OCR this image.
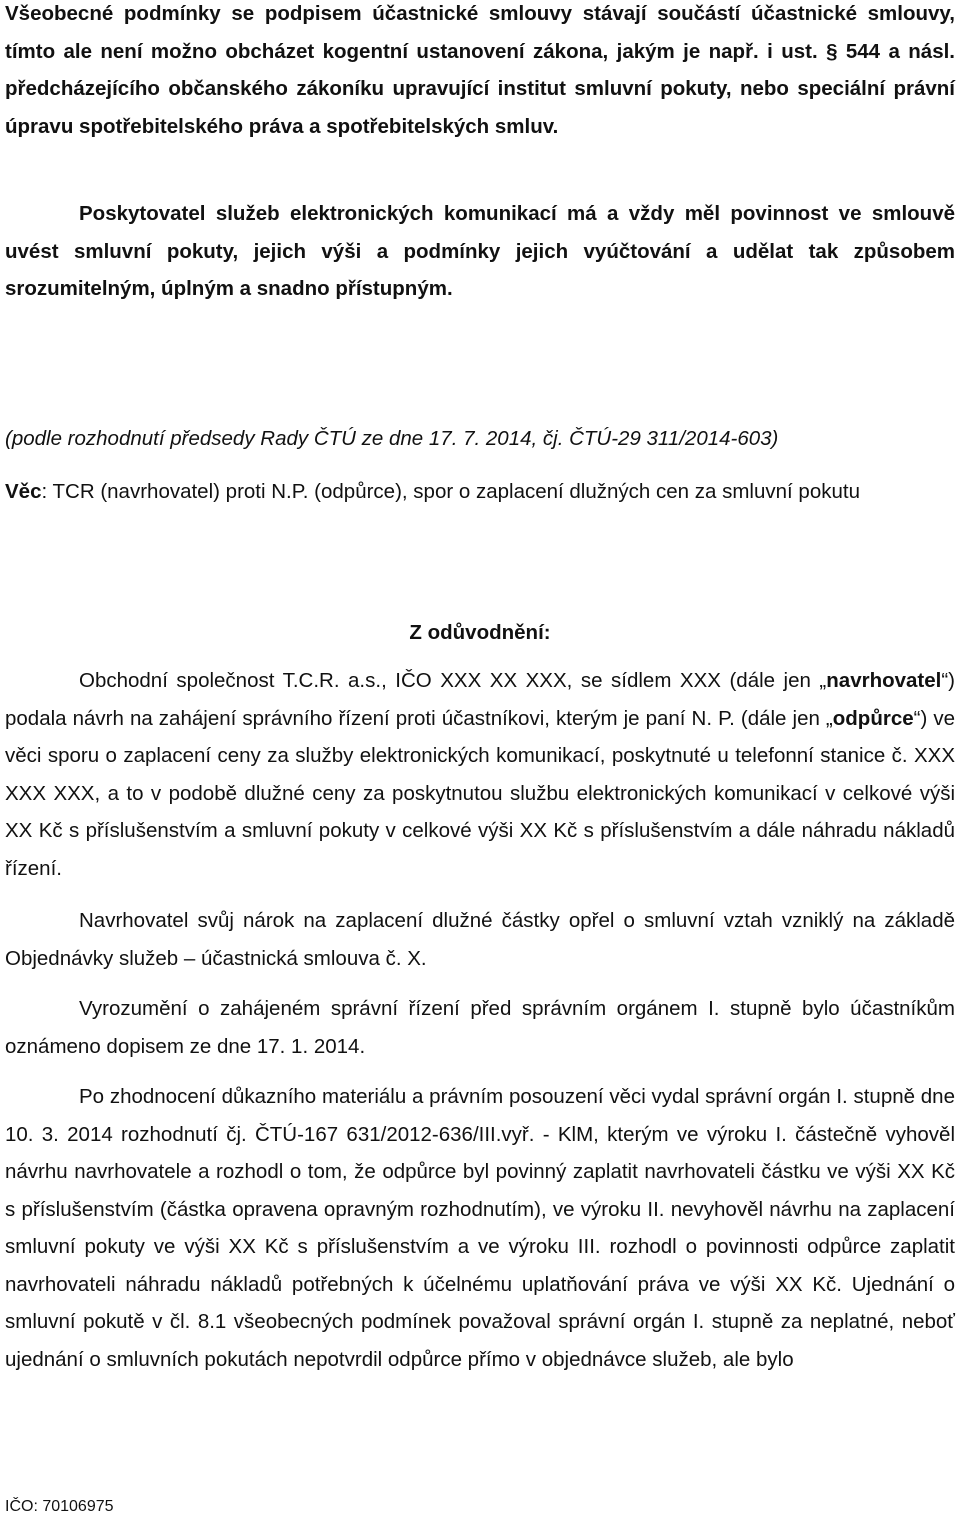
Všeobecné podmínky se podpisem účastnické smlouvy stávají součástí účastnické smlouvy, tímto ale není možno obcházet kogentní ustanovení zákona, jakým je např. i ust. § 544 a násl. předcházejícího občanského zákoníku upravující institut smluvní pokuty, nebo speciální právní úpravu spotřebitelského práva a spotřebitelských smluv.

Poskytovatel služeb elektronických komunikací má a vždy měl povinnost ve smlouvě uvést smluvní pokuty, jejich výši a podmínky jejich vyúčtování a udělat tak způsobem srozumitelným, úplným a snadno přístupným.

(podle rozhodnutí předsedy Rady ČTÚ ze dne 17. 7. 2014, čj. ČTÚ-29 311/2014-603)

Věc: TCR (navrhovatel) proti N.P. (odpůrce), spor o zaplacení dlužných cen za smluvní pokutu

Z odůvodnění:

Obchodní společnost T.C.R. a.s., IČO XXX XX XXX, se sídlem XXX (dále jen „navrhovatel“) podala návrh na zahájení správního řízení proti účastníkovi, kterým je paní N. P. (dále jen „odpůrce“) ve věci sporu o zaplacení ceny za služby elektronických komunikací, poskytnuté u telefonní stanice č. XXX XXX XXX, a to v podobě dlužné ceny za poskytnutou službu elektronických komunikací v celkové výši XX Kč s příslušenstvím a smluvní pokuty v celkové výši XX Kč s příslušenstvím a dále náhradu nákladů řízení.

Navrhovatel svůj nárok na zaplacení dlužné částky opřel o smluvní vztah vzniklý na základě Objednávky služeb – účastnická smlouva č. X.

Vyrozumění o zahájeném správní řízení před správním orgánem I. stupně bylo účastníkům oznámeno dopisem ze dne 17. 1. 2014.

Po zhodnocení důkazního materiálu a právním posouzení věci vydal správní orgán I. stupně dne 10. 3. 2014 rozhodnutí čj. ČTÚ-167 631/2012-636/III.vyř. - KlM, kterým ve výroku I. částečně vyhověl návrhu navrhovatele a rozhodl o tom, že odpůrce byl povinný zaplatit navrhovateli částku ve výši XX Kč s příslušenstvím (částka opravena opravným rozhodnutím), ve výroku II. nevyhověl návrhu na zaplacení smluvní pokuty ve výši XX Kč s příslušenstvím a ve výroku III. rozhodl o povinnosti odpůrce zaplatit navrhovateli náhradu nákladů potřebných k účelnému uplatňování práva ve výši XX Kč. Ujednání o smluvní pokutě v čl. 8.1 všeobecných podmínek považoval správní orgán I. stupně za neplatné, neboť ujednání o smluvních pokutách nepotvrdil odpůrce přímo v objednávce služeb, ale bylo

IČO: 70106975
